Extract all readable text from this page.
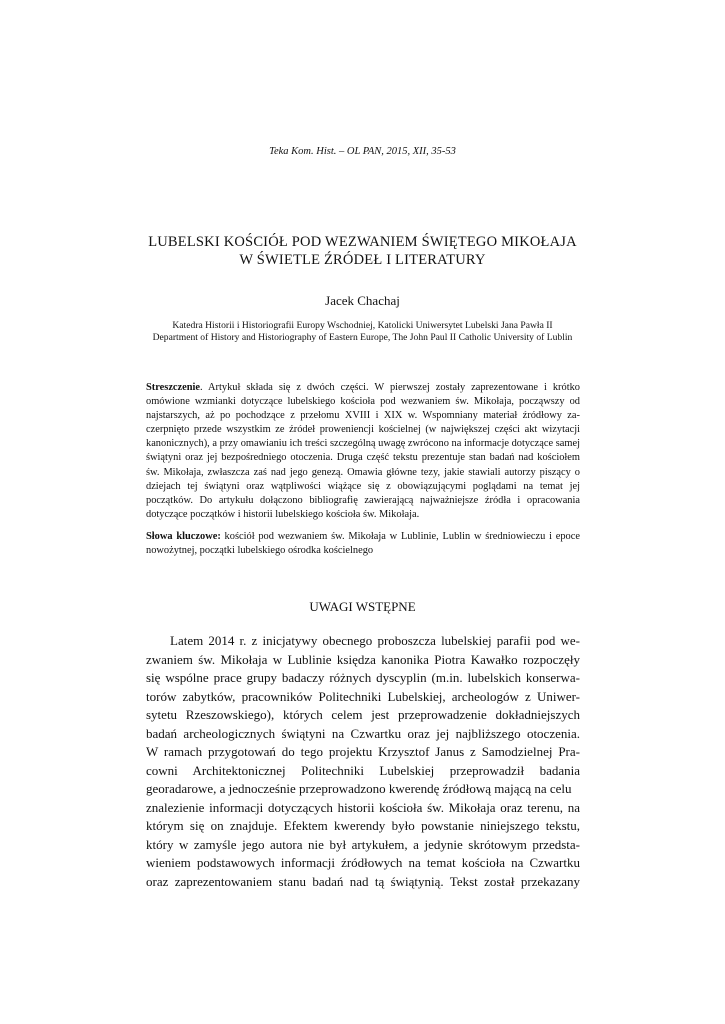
Teka Kom. Hist. – OL PAN, 2015, XII, 35-53
LUBELSKI KOŚCIÓŁ POD WEZWANIEM ŚWIĘTEGO MIKOŁAJA
W ŚWIETLE ŹRÓDEŁ I LITERATURY
Jacek Chachaj
Katedra Historii i Historiografii Europy Wschodniej, Katolicki Uniwersytet Lubelski Jana Pawła II
Department of History and Historiography of Eastern Europe, The John Paul II Catholic University of Lublin
Streszczenie. Artykuł składa się z dwóch części. W pierwszej zostały zaprezentowane i krótko omówione wzmianki dotyczące lubelskiego kościoła pod wezwaniem św. Mikołaja, począwszy od najstarszych, aż po pochodzące z przełomu XVIII i XIX w. Wspomniany materiał źródłowy zaczerpnięto przede wszystkim ze źródeł proweniencji kościelnej (w największej części akt wizytacji kanonicznych), a przy omawianiu ich treści szczególną uwagę zwrócono na informacje dotyczące samej świątyni oraz jej bezpośredniego otoczenia. Druga część tekstu prezentuje stan badań nad kościołem św. Mikołaja, zwłaszcza zaś nad jego genezą. Omawia główne tezy, jakie stawiali autorzy piszący o dziejach tej świątyni oraz wątpliwości wiążące się z obowiązującymi poglądami na temat jej początków. Do artykułu dołączono bibliografię zawierającą najważniejsze źródła i opracowania dotyczące początków i historii lubelskiego kościoła św. Mikołaja.
Słowa kluczowe: kościół pod wezwaniem św. Mikołaja w Lublinie, Lublin w średniowieczu i epoce nowożytnej, początki lubelskiego ośrodka kościelnego
UWAGI WSTĘPNE
Latem 2014 r. z inicjatywy obecnego proboszcza lubelskiej parafii pod we-
zwaniem św. Mikołaja w Lublinie księdza kanonika Piotra Kawałko rozpoczęły
się wspólne prace grupy badaczy różnych dyscyplin (m.in. lubelskich konserwa-
torów zabytków, pracowników Politechniki Lubelskiej, archeologów z Uniwer-
sytetu Rzeszowskiego), których celem jest przeprowadzenie dokładniejszych
badań archeologicznych świątyni na Czwartku oraz jej najbliższego otoczenia.
W ramach przygotowań do tego projektu Krzysztof Janus z Samodzielnej Pra-
cowni Architektonicznej Politechniki Lubelskiej przeprowadził badania georadarowe, a jednocześnie przeprowadzono kwerendę źródłową mającą na celu
znalezienie informacji dotyczących historii kościoła św. Mikołaja oraz terenu, na
którym się on znajduje. Efektem kwerendy było powstanie niniejszego tekstu,
który w zamyśle jego autora nie był artykułem, a jedynie skrótowym przedsta-
wieniem podstawowych informacji źródłowych na temat kościoła na Czwartku
oraz zaprezentowaniem stanu badań nad tą świątynią. Tekst został przekazany
